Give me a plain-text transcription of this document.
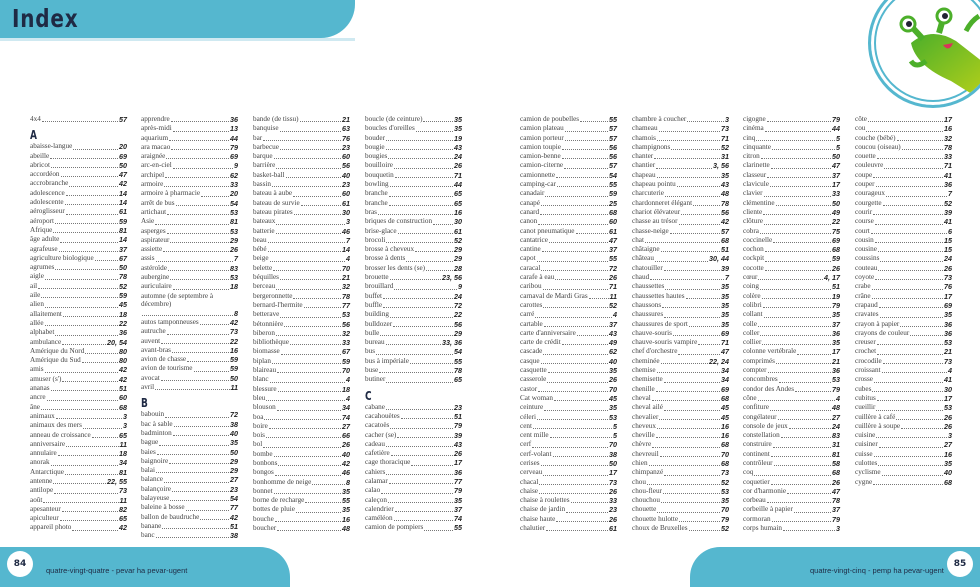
Index
4x4	57
A
abaisse-langue	20
abeille	69
abricot	50
accordéon	47
accrobranche	42
adolescence	14
adolescente	14
aéroglisseur	61
aéroport	59
Afrique	81
âge adulte	14
agrafeuse	37
agriculture biologique	67
agrumes	50
aigle	78
ail	52
aile	59
alien	45
allaitement	18
allée	22
alphabet	36
ambulance	20, 54
Amérique du Nord	80
Amérique du Sud	80
amis	42
amuser (s')	42
ananas	51
ancre	60
âne	68
animaux	3
animaux des mers	3
anneau de croissance	65
anniversaire	11
annulaire	18
anorak	34
Antarctique	81
antenne	22, 55
antilope	73
août	11
apesanteur	82
apiculteur	65
appareil photo	42
apprendre	36
après-midi	13
aquarium	44
ara macao	79
araignée	69
arc-en-ciel	9
archipel	62
armoire	33
armoire à pharmacie	20
arrêt de bus	54
artichaut	53
Asie	81
asperges	53
aspirateur	29
assiette	26
assis	7
astéroïde	83
aubergine	53
auriculaire	18
automne (de septembre à décembre)
8
autos tamponneuses	42
autruche	73
auvent	22
avant-bras	16
avion de chasse	59
avion de tourisme	59
avocat	50
avril	11
B
babouin	72
bac à sable	38
badminton	40
bague	35
baies	50
baignoire	29
balai	29
balance	27
balançoire	23
balayeuse	54
baleine à bosse	77
ballon de baudruche	42
banane	51
banc	38
bande (de tissu)	21
banquise	63
bar	76
barbecue	23
barque	60
barrière	56
basket-ball	40
bassin	23
bateau à aube	60
bateau de survie	61
bateau pirates	30
bateaux	3
batterie	46
beau	7
bébé	14
beige	4
belette	70
béquilles	21
berceau	32
bergeronnette	78
bernard-l'hermite	77
betterave	53
bétonnière	56
biberon	32
bibliothèque	33
biomasse	67
biplan	59
blaireau	70
blanc	4
blessure	18
bleu	4
blouson	34
boa	74
boire	27
bois	66
bol	26
bombe	40
bonbons	42
bongos	46
bonhomme de neige	8
bonnet	35
borne de recharge	55
bottes de pluie	35
bouche	16
boucher	48
boucle (de ceinture)	35
boucles d'oreilles	35
bouder	19
bougie	43
bougies	24
bouilloire	26
bouquetin	71
bowling	44
branche	65
branche	65
bras	16
briques de construction	30
brise-glace	61
brocoli	52
brosse à cheveux	29
brosse à dents	29
brosser les dents (se)	28
brouette	23, 56
brouillard	9
buffet	24
buffle	72
building	22
bulldozer	56
bulle	29
bureau	33, 36
bus	54
bus à impériale	55
buse	78
butiner	65
C
cabane	23
cacahouètes	51
cacatoès	79
cacher (se)	39
cadeau	43
cafetière	26
cage thoracique	17
cahiers	36
calamar	77
calao	79
caleçon	35
calendrier	37
caméléon	74
camion de pompiers	55
camion de poubelles	55
camion plateau	57
camion porteur	57
camion toupie	56
camion-benne	56
camion-citerne	57
camionnette	54
camping-car	55
canadair	59
canapé	25
canard	68
canon	60
canot pneumatique	61
cantatrice	47
cantine	37
capot	55
caracal	72
carafe à eau	26
caribou	71
carnaval de Mardi Gras	11
carottes	52
carré	4
cartable	37
carte d'anniversaire	43
carte de crédit	49
cascade	62
casque	40
casquette	35
casserole	26
castor	70
Cat woman	45
ceinture	35
céleri	53
cent	5
cent mille	5
cerf	70
cerf-volant	38
cerises	50
cerveau	17
chacal	73
chaise	26
chaise à roulettes	33
chaise de jardin	23
chaise haute	26
chalutier	61
chambre à coucher	3
chameau	73
chamois	71
champignons	52
chanter	31
chantier	3, 56
chapeau	35
chapeau pointu	43
charcuterie	48
chardonneret élégant	78
chariot élévateur	56
chasse au trésor	42
chasse-neige	57
chat	68
châtaigne	51
château	30, 44
chatouiller	39
chaud	7
chaussettes	35
chaussettes hautes	35
chaussons	35
chaussures	35
chaussures de sport	35
chauve-souris	69
chauve-souris vampire	71
chef d'orchestre	47
cheminée	22, 24
chemise	34
chemisette	34
chenille	69
cheval	68
cheval ailé	45
chevalier	45
cheveux	16
cheville	16
chèvre	68
chevreuil	70
chien	68
chimpanzé	73
chou	52
chou-fleur	53
chouchou	35
chouette	70
chouette hulotte	79
choux de Bruxelles	52
cigogne	79
cinéma	44
cinq	5
cinquante	5
citron	50
clarinette	47
classeur	37
clavicule	17
clavier	33
clémentine	50
cliente	49
clôture	22
cobra	75
coccinelle	69
cochon	68
cockpit	59
cocotte	26
cœur	4, 17
coing	51
colère	19
colibri	79
collant	35
colle	37
coller	36
collier	35
colonne vertébrale	17
comprimés	21
compter	36
concombres	53
condor des Andes	79
cône	4
confiture	48
congélateur	27
console de jeux	24
constellation	83
construire	31
continent	81
contrôleur	58
coq	68
coquetier	26
cor d'harmonie	47
corbeau	78
corbeille à papier	37
cormoran	79
corps humain	3
côte	17
cou	16
couche (bébé)	32
coucou (oiseau)	78
couette	33
couleuvre	71
coupe	41
couper	36
courageux	7
courgette	52
courir	39
course	41
court	6
cousin	15
cousine	15
coussins	24
couteau	26
coyote	73
crabe	76
crâne	17
crapaud	69
cravates	35
crayon à papier	36
crayons de couleur	36
creuser	53
crochet	21
crocodile	73
croissant	4
crosse	41
cubes	30
cubitus	17
cueillir	53
cuillère à café	26
cuillère à soupe	26
cuisine	3
cuisiner	27
cuisse	16
culottes	35
cyclisme	40
cygne	68
84
quatre-vingt-quatre - pevar ha pevar-ugent	quatre-vingt-cinq - pemp ha pevar-ugent
85
